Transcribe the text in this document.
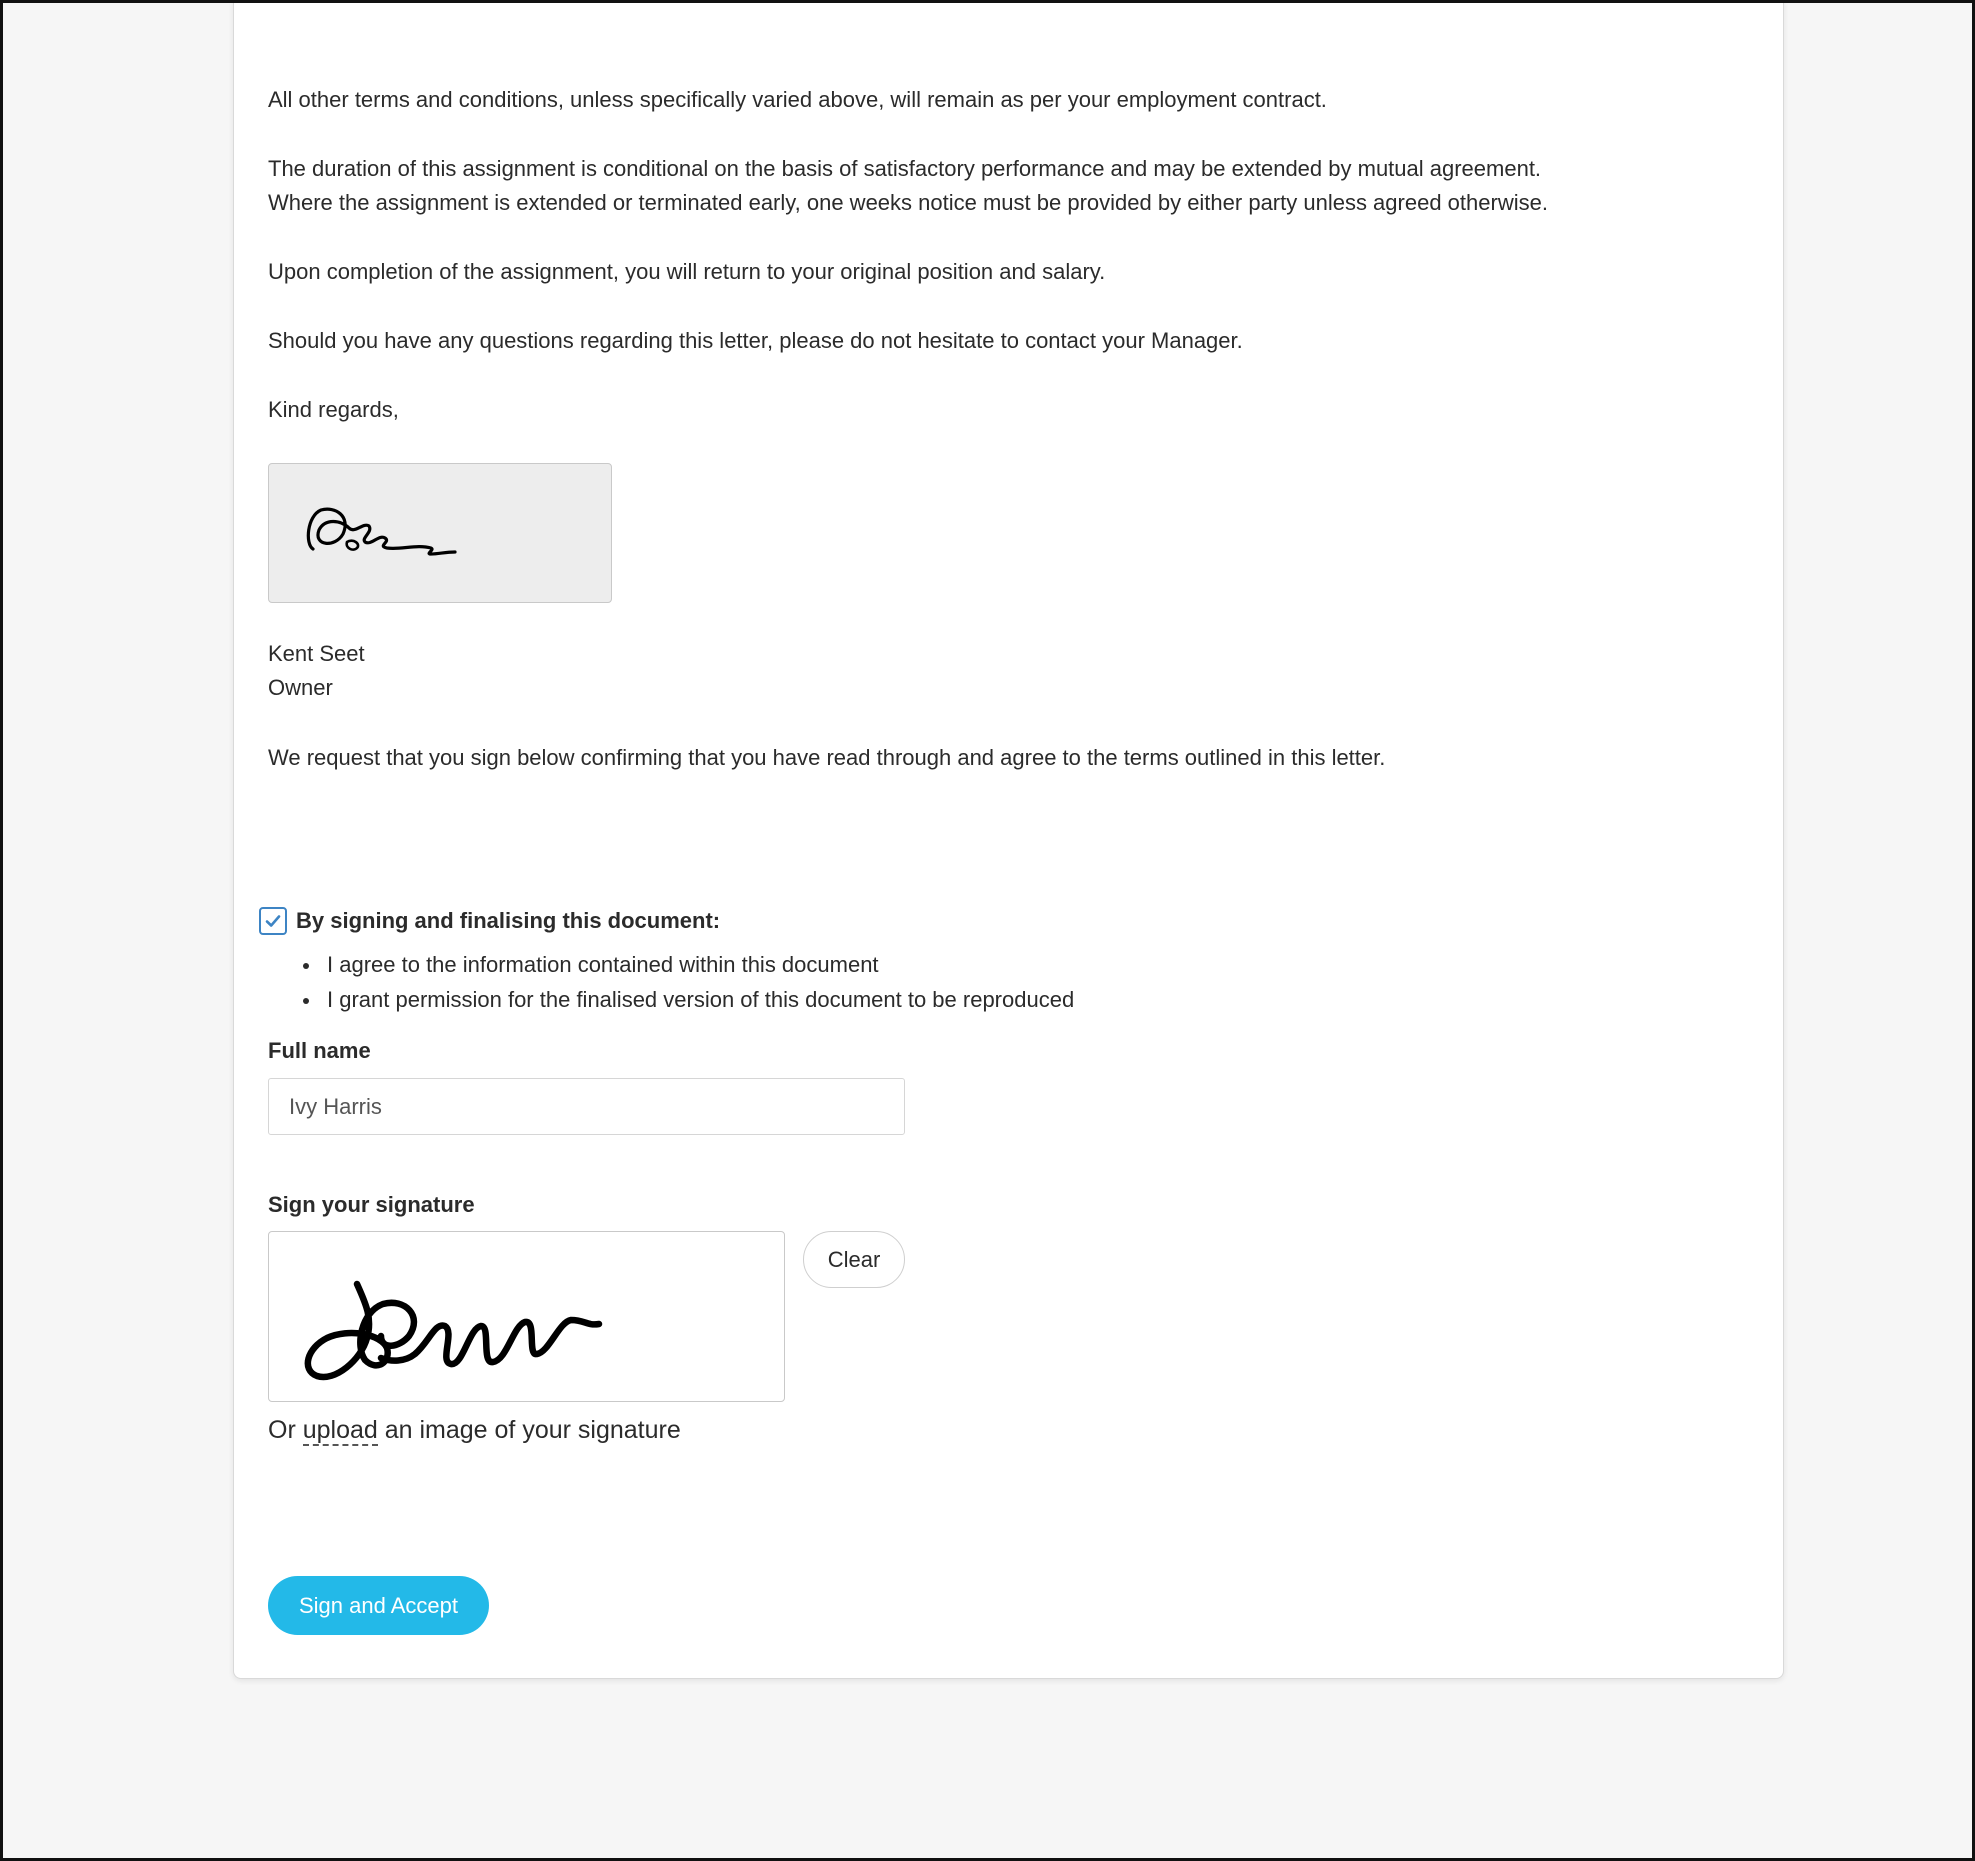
All other terms and conditions, unless specifically varied above, will remain as per your employment contract.

The duration of this assignment is conditional on the basis of satisfactory performance and may be extended by mutual agreement.

Where the assignment is extended or terminated early, one weeks notice must be provided by either party unless agreed otherwise.

Upon completion of the assignment, you will return to your original position and salary.

Should you have any questions regarding this letter, please do not hesitate to contact your Manager.

Kind regards,

Kent Seet
Owner

We request that you sign below confirming that you have read through and agree to the terms outlined in this letter.

By signing and finalising this document:
I agree to the information contained within this document
I grant permission for the finalised version of this document to be reproduced
Full name
Ivy Harris
Sign your signature
Clear
Or upload an image of your signature
Sign and Accept
